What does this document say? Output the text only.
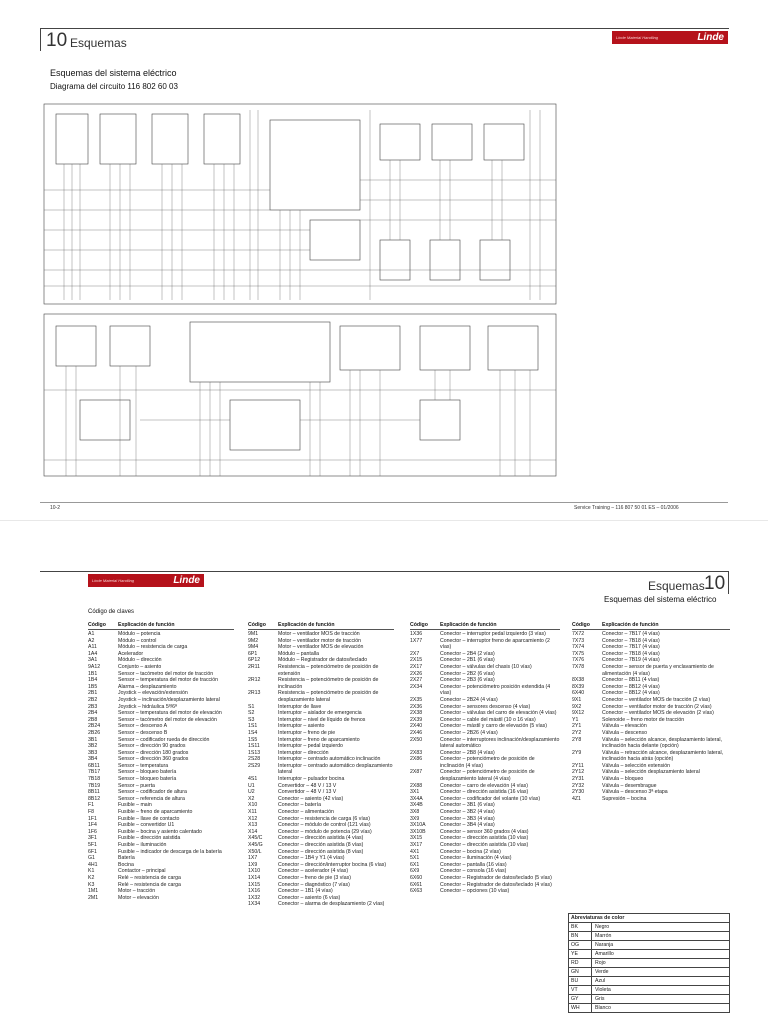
10 Esquemas	Linde Material Handling	Linde
Esquemas del sistema eléctrico
Diagrama del circuito 116 802 60 03
10-2	Service Training – 116 807 50 01 ES – 01/2006
Linde Material Handling	Linde	Esquemas 10
Esquemas del sistema eléctrico
Código de claves
Código	Explicación de función
A1	Módulo – potencia
A2	Módulo – control
A11	Módulo – resistencia de carga
1A4	Acelerador
3A1	Módulo – dirección
9A12	Conjunto – asiento
1B1	Sensor – tacómetro del motor de tracción
1B4	Sensor – temperatura del motor de tracción
1B5	Alarma – desplazamiento
2B1	Joystick – elevación/extensión
2B2	Joystick – inclinación/desplazamiento lateral
2B3	Joystick – hidráulica 5ª/6ª
2B4	Sensor – temperatura del motor de elevación
2B8	Sensor – tacómetro del motor de elevación
2B24	Sensor – descenso A
2B26	Sensor – descenso B
3B1	Sensor – codificador rueda de dirección
3B2	Sensor – dirección 90 grados
3B3	Sensor – dirección 180 grados
3B4	Sensor – dirección 360 grados
6B11	Sensor – temperatura
7B17	Sensor – bloqueo batería
7B18	Sensor – bloqueo batería
7B19	Sensor – puerta
8B11	Sensor – codificador de altura
8B12	Sensor – referencia de altura
F1	Fusible – main
F8	Fusible – freno de aparcamiento
1F1	Fusible – llave de contacto
1F4	Fusible – convertidor U1
1F6	Fusible – bocina y asiento calentado
3F1	Fusible – dirección asistida
5F1	Fusible – iluminación
6F1	Fusible – indicador de descarga de la batería
G1	Batería
4H1	Bocina
K1	Contactor – principal
K2	Relé – resistencia de carga
K3	Relé – resistencia de carga
1M1	Motor – tracción
2M1	Motor – elevación
Código	Explicación de función
9M1	Motor – ventilador MOS de tracción
9M2	Motor – ventilador motor de tracción
9M4	Motor – ventilador MOS de elevación
6P1	Módulo – pantalla
6P12	Módulo – Registrador de datos/teclado
2R11	Resistencia – potenciómetro de posición de extensión
2R12	Resistencia – potenciómetro de posición de inclinación
2R13	Resistencia – potenciómetro de posición de desplazamiento lateral
S1	Interruptor de llave
S2	Interruptor – aislador de emergencia
S3	Interruptor – nivel de líquido de frenos
1S1	Interruptor – asiento
1S4	Interruptor – freno de pie
1S5	Interruptor – freno de aparcamiento
1S11	Interruptor – pedal izquierdo
1S13	Interruptor – dirección
2S28	Interruptor – centrado automático inclinación
2S29	Interruptor – centrado automático desplazamiento lateral
4S1	Interruptor – pulsador bocina
U1	Convertidor – 48 V / 13 V
U2	Convertidor – 48 V / 13 V
X2	Conector – asiento (42 vías)
X10	Conector – batería
X11	Conector – alimentación
X12	Conector – resistencia de carga (6 vías)
X13	Conector – módulo de control (121 vías)
X14	Conector – módulo de potencia (29 vías)
X45/C	Conector – dirección asistida (4 vías)
X45/G	Conector – dirección asistida (8 vías)
X50/L	Conector – dirección asistida (8 vías)
1X7	Conector – 1B4 y Y1 (4 vías)
1X9	Conector – dirección/interruptor bocina (6 vías)
1X10	Conector – acelerador (4 vías)
1X14	Conector – freno de pie (3 vías)
1X15	Conector – diagnóstico (7 vías)
1X16	Conector – 1B1 (4 vías)
1X32	Conector – asiento (6 vías)
1X34	Conector – alarma de desplazamiento (2 vías)
Código	Explicación de función
1X36	Conector – interruptor pedal izquierdo (3 vías)
1X77	Conector – interruptor freno de aparcamiento (2 vías)
2X7	Conector – 2B4 (2 vías)
2X15	Conector – 2B1 (6 vías)
2X17	Conector – válvulas del chasis (10 vías)
2X26	Conector – 2B2 (6 vías)
2X27	Conector – 2B3 (6 vías)
2X34	Conector – potenciómetro posición extendida (4 vías)
2X35	Conector – 2B24 (4 vías)
2X36	Conector – sensores descenso (4 vías)
2X38	Conector – válvulas del carro de elevación (4 vías)
2X39	Conector – cable del mástil (10 o 16 vías)
2X40	Conector – mástil y carro de elevación (5 vías)
2X46	Conector – 2B26 (4 vías)
2X50	Conector – interruptores inclinación/desplazamiento lateral automático
2X83	Conector – 2B8 (4 vías)
2X86	Conector – potenciómetro de posición de inclinación (4 vías)
2X87	Conector – potenciómetro de posición de desplazamiento lateral (4 vías)
2X88	Conector – carro de elevación (4 vías)
3X1	Conector – dirección asistida (16 vías)
3X4A	Conector – codificador del volante (10 vías)
3X4B	Conector – 3B1 (6 vías)
3X8	Conector – 3B2 (4 vías)
3X9	Conector – 3B3 (4 vías)
3X10A	Conector – 3B4 (4 vías)
3X10B	Conector – sensor 360 grados (4 vías)
3X15	Conector – dirección asistida (10 vías)
3X17	Conector – dirección asistida (10 vías)
4X1	Conector – bocina (2 vías)
5X1	Conector – iluminación (4 vías)
6X1	Conector – pantalla (16 vías)
6X9	Conector – consola (16 vías)
6X60	Conector – Registrador de datos/teclado (5 vías)
6X61	Conector – Registrador de datos/teclado (4 vías)
6X63	Conector – opciones (10 vías)
Código	Explicación de función
7X72	Conector – 7B17 (4 vías)
7X73	Conector – 7B18 (4 vías)
7X74	Conector – 7B17 (4 vías)
7X75	Conector – 7B18 (4 vías)
7X76	Conector – 7B19 (4 vías)
7X78	Conector – sensor de puerta y enclavamiento de alimentación (4 vías)
8X38	Conector – 8B11 (4 vías)
8X39	Conector – 8B12 (4 vías)
6X40	Conector – 8B12 (4 vías)
9X1	Conector – ventilador MOS de tracción (2 vías)
9X2	Conector – ventilador motor de tracción (2 vías)
9X12	Conector – ventilador MOS de elevación (2 vías)
Y1	Solenoide – freno motor de tracción
2Y1	Válvula – elevación
2Y2	Válvula – descenso
2Y8	Válvula – selección alcance, desplazamiento lateral, inclinación hacia delante (opción)
2Y9	Válvula – retracción alcance, desplazamiento lateral, inclinación hacia atrás (opción)
2Y11	Válvula – selección extensión
2Y12	Válvula – selección desplazamiento lateral
2Y31	Válvula – bloqueo
2Y32	Válvula – desembrague
2Y30	Válvula – descenso 3ª etapa
4Z1	Supresión – bocina
Abreviaturas de color
BK	Negro
BN	Marrón
OG	Naranja
YE	Amarillo
RD	Rojo
GN	Verde
BU	Azul
VT	Violeta
GY	Gris
WH	Blanco
